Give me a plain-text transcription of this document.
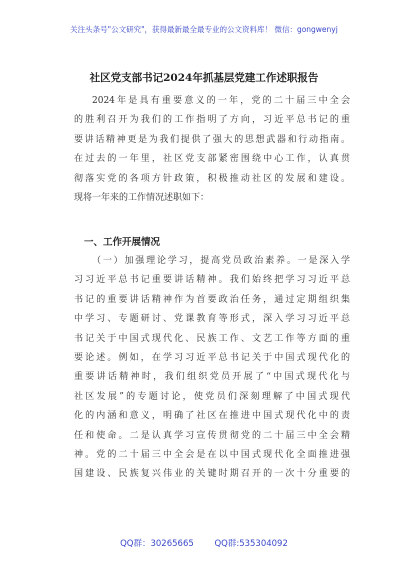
关注头条号"公文研究"，获得最新最全最专业的公文资料库！ 微信：gongwenyj
社区党支部书记2024年抓基层党建工作述职报告
2024年是具有重要意义的一年，党的二十届三中全会
的胜利召开为我们的工作指明了方向，习近平总书记的重
要讲话精神更是为我们提供了强大的思想武器和行动指南。
在过去的一年里，社区党支部紧密围绕中心工作，认真贯
彻落实党的各项方针政策，积极推动社区的发展和建设。
现将一年来的工作情况述职如下：
一、工作开展情况
（一）加强理论学习，提高党员政治素养。一是深入学
习习近平总书记重要讲话精神。我们始终把学习习近平总
书记的重要讲话精神作为首要政治任务，通过定期组织集
中学习、专题研讨、党课教育等形式，深入学习习近平总
书记关于中国式现代化、民族工作、文艺工作等方面的重
要论述。例如，在学习习近平总书记关于中国式现代化的
重要讲话精神时，我们组织党员开展了“中国式现代化与
社区发展”的专题讨论，使党员们深刻理解了中国式现代
化的内涵和意义，明确了社区在推进中国式现代化中的责
任和使命。二是认真学习宣传贯彻党的二十届三中全会精
神。党的二十届三中全会是在以中国式现代化全面推进强
国建设、民族复兴伟业的关键时期召开的一次十分重要的
QQ群：30265665 QQ群:535304092
